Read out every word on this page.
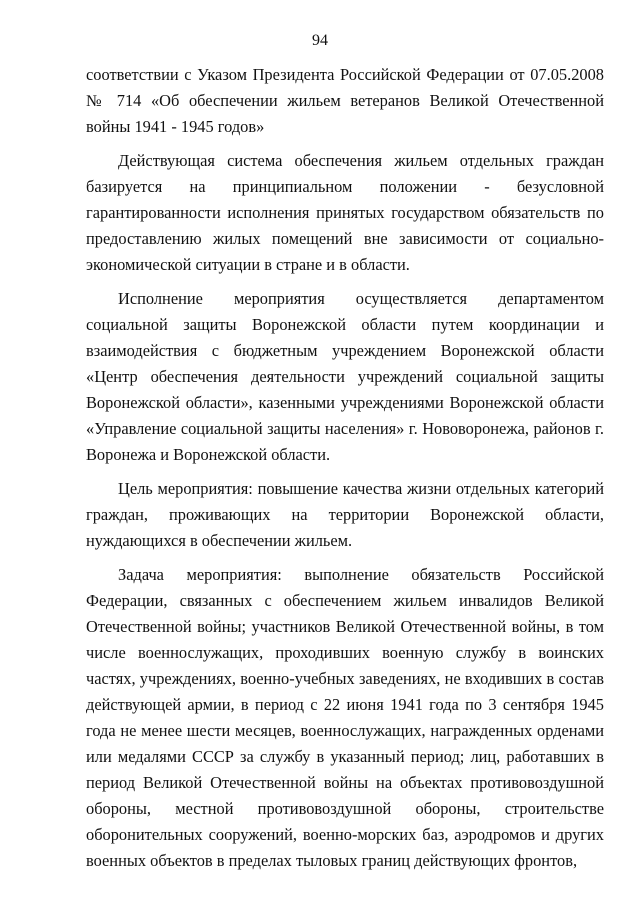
94

соответствии с Указом Президента Российской Федерации от 07.05.2008 № 714 «Об обеспечении жильем ветеранов Великой Отечественной войны 1941 - 1945 годов»

Действующая система обеспечения жильем отдельных граждан базируется на принципиальном положении - безусловной гарантированности исполнения принятых государством обязательств по предоставлению жилых помещений вне зависимости от социально-экономической ситуации в стране и в области.

Исполнение мероприятия осуществляется департаментом социальной защиты Воронежской области путем координации и взаимодействия с бюджетным учреждением Воронежской области «Центр обеспечения деятельности учреждений социальной защиты Воронежской области», казенными учреждениями Воронежской области «Управление социальной защиты населения» г. Нововоронежа, районов г. Воронежа и Воронежской области.

Цель мероприятия: повышение качества жизни отдельных категорий граждан, проживающих на территории Воронежской области, нуждающихся в обеспечении жильем.

Задача мероприятия: выполнение обязательств Российской Федерации, связанных с обеспечением жильем инвалидов Великой Отечественной войны; участников Великой Отечественной войны, в том числе военнослужащих, проходивших военную службу в воинских частях, учреждениях, военно-учебных заведениях, не входивших в состав действующей армии, в период с 22 июня 1941 года по 3 сентября 1945 года не менее шести месяцев, военнослужащих, награжденных орденами или медалями СССР за службу в указанный период; лиц, работавших в период Великой Отечественной войны на объектах противовоздушной обороны, местной противовоздушной обороны, строительстве оборонительных сооружений, военно-морских баз, аэродромов и других военных объектов в пределах тыловых границ действующих фронтов,
